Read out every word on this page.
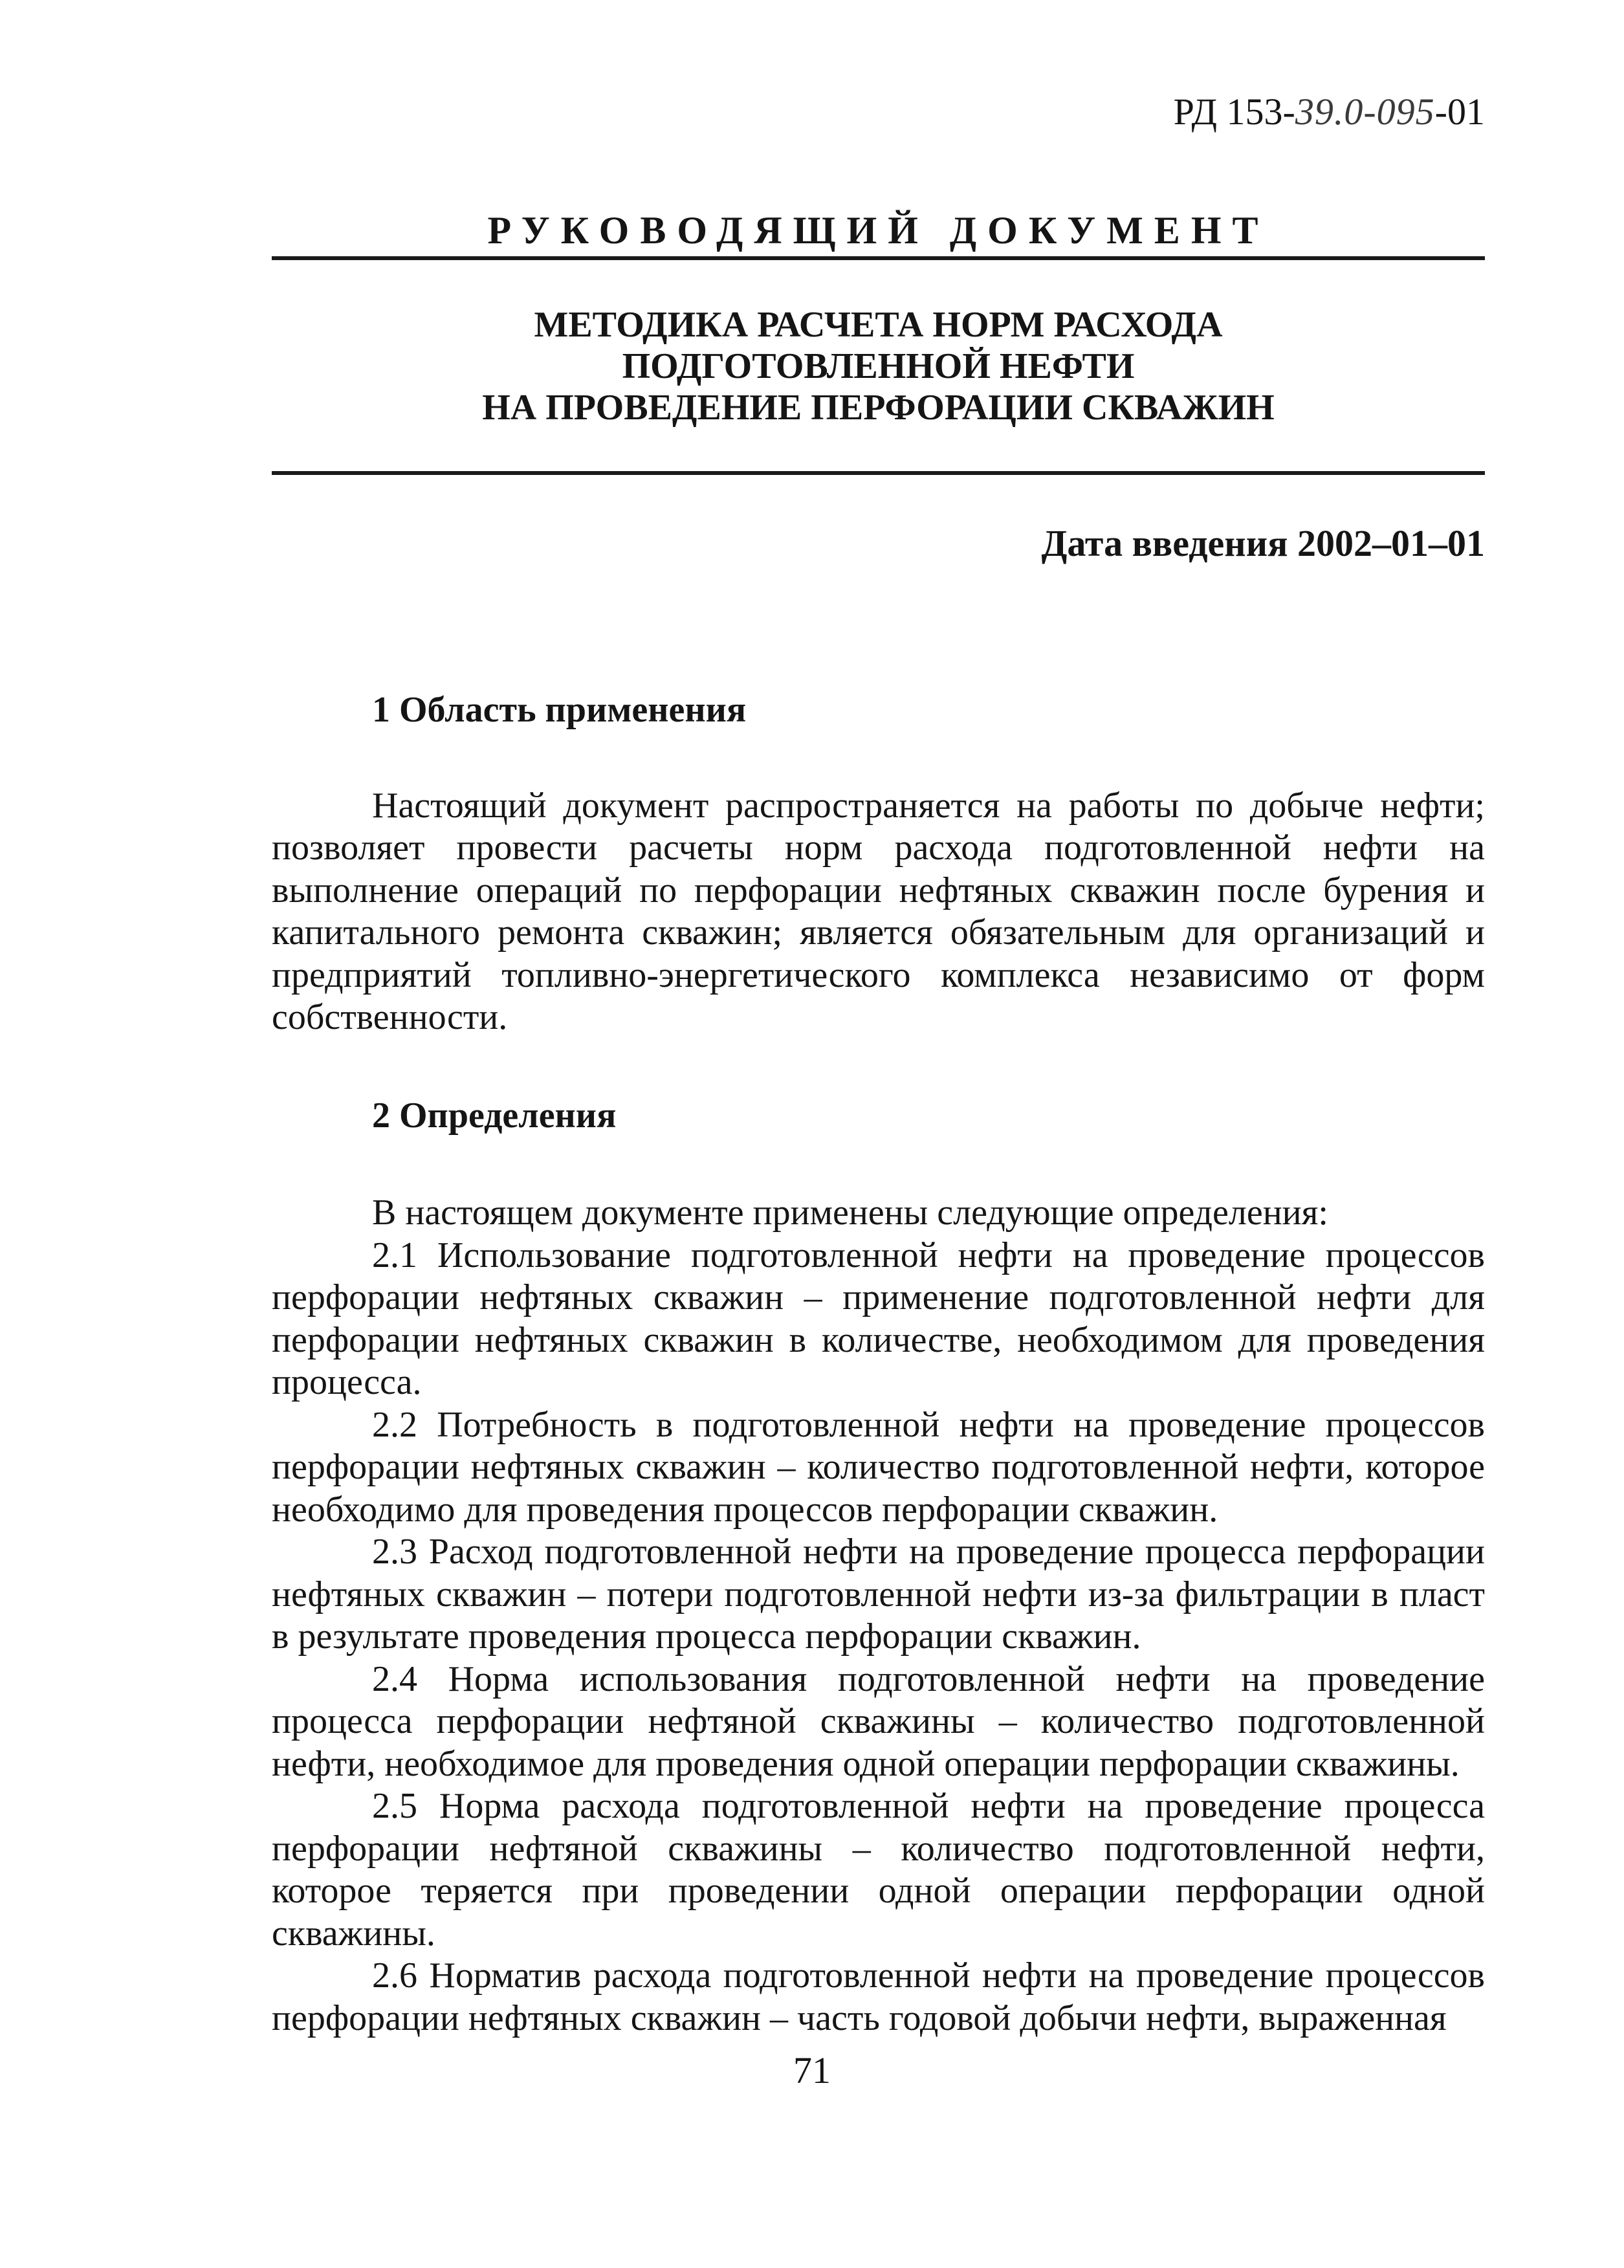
РД 153-39.0-095-01
РУКОВОДЯЩИЙ ДОКУМЕНТ
МЕТОДИКА РАСЧЕТА НОРМ РАСХОДА
ПОДГОТОВЛЕННОЙ НЕФТИ
НА ПРОВЕДЕНИЕ ПЕРФОРАЦИИ СКВАЖИН
Дата введения 2002–01–01

1 Область применения

Настоящий документ распространяется на работы по добыче нефти; позволяет провести расчеты норм расхода подготовленной нефти на выполнение операций по перфорации нефтяных скважин после бурения и капитального ремонта скважин; является обязательным для организаций и предприятий топливно-энергетического комплекса независимо от форм собственности.

2 Определения

В настоящем документе применены следующие определения:

2.1 Использование подготовленной нефти на проведение процессов перфорации нефтяных скважин – применение подготовленной нефти для перфорации нефтяных скважин в количестве, необходимом для проведения процесса.

2.2 Потребность в подготовленной нефти на проведение процессов перфорации нефтяных скважин – количество подготовленной нефти, которое необходимо для проведения процессов перфорации скважин.

2.3 Расход подготовленной нефти на проведение процесса перфорации нефтяных скважин – потери подготовленной нефти из-за фильтрации в пласт в результате проведения процесса перфорации скважин.

2.4 Норма использования подготовленной нефти на проведение процесса перфорации нефтяной скважины – количество подготовленной нефти, необходимое для проведения одной операции перфорации скважины.

2.5 Норма расхода подготовленной нефти на проведение процесса перфорации нефтяной скважины – количество подготовленной нефти, которое теряется при проведении одной операции перфорации одной скважины.

2.6 Норматив расхода подготовленной нефти на проведение процессов перфорации нефтяных скважин – часть годовой добычи нефти, выраженная

71
